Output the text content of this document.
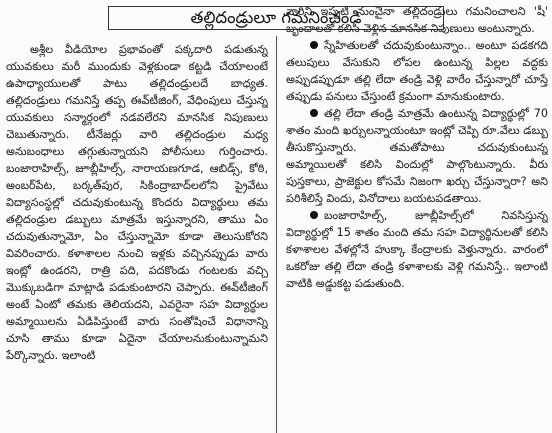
తల్లిదండ్రులూ గమనించండి

అశ్లీల వీడియోల ప్రభావంతో పక్కదారి పడుతున్న యువకులు మరీ ముందుకు వెళ్లకుండా కట్టడి చేయాలంటే ఉపాధ్యాయులతో పాటు తల్లిదండ్రులదే బాధ్యత. తల్లిదండ్రులు గమనిస్తే తప్ప ఈవ్‌టీజింగ్, వేధింపులు చేస్తున్న యువకులు సన్మార్గంలో నడవలేరని మానసిక నిపుణులు చెబుతున్నారు. టీనేజర్లు వారి తల్లిదండ్రుల మధ్య అనుబంధాలు తగ్గుతున్నాయని పోలీసులు గుర్తించారు. బంజారాహిల్స్, జూబ్లీహిల్స్, నారాయణగూడ, ఆబిడ్స్, కోఠి, అంబర్‌పేట, బర్కత్‌పుర, సికింద్రాబాద్‌లలోని ప్రైవేటు విద్యాసంస్థల్లో చదువుకుంటున్న కొందరు విద్యార్థులు తమ తల్లిదండ్రుల డబ్బులు మాత్రమే ఇస్తున్నారని, తాము ఏం చదువుతున్నామో, ఏం చేస్తున్నామో కూడా తెలుసుకోరని వివరించారు. కళాశాలల నుంచి ఇళ్లకు వచ్చినప్పుడు వారు ఇంట్లో ఉండరని, రాత్రి పది, పదకొండు గంటలకు వచ్చి మొక్కుబడిగా మాట్లాడి పడుకుంటారని చెప్పారు. ఈవ్‌టీజింగ్ అంటే ఏంటో తమకు తెలియదని, ఎవరైనా సహ విద్యార్థుల అమ్మాయిలను ఏడిపిస్తుంటే వారు సంతోషించే విధానాన్ని చూసి తాము కూడా ఏదైనా చేయాలనుకుంటున్నామని పేర్కొన్నారు. ఇలాంటి

వారిని ఇప్పటి నుంచైనా తల్లిదండ్రులు గమనించాలని 'షీ' బృందాలతో కలిసి వెళ్లిన మానసిక నిపుణులు అంటున్నారు.

స్నేహితులతో చదువుకుంటున్నాం.. అంటూ పడకగది తలుపులు వేసుకుని లోపల ఉంటున్న పిల్లల వద్దకు అప్పుడప్పుడూ తల్లి లేదా తండ్రి వెళ్లి వారేం చేస్తున్నారో చూస్తే తప్పుడు పనులు చేస్తుంటే క్రమంగా మానుకుంటారు.

తల్లి లేదా తండ్రి మాత్రమే ఉంటున్న విద్యార్థుల్లో 70 శాతం మంది ఖర్చులన్నాయంటూ ఇంట్లో చెప్పి రూ.వేలు డబ్బు తీసుకొస్తున్నారు. తమతోపాటు చదువుకుంటున్న అమ్మాయిలతో కలిసి విందుల్లో పాల్గొంటున్నారు. వీరు పుస్తకాలు, ప్రాజెక్టుల కోసమే నిజంగా ఖర్చు చేస్తున్నారా? అని పరిశీలిస్తే విందు, వినోదాలు బయటపడతాయి.

బంజారాహిల్స్, జూబ్లీహిల్స్‌లో నివసిస్తున్న విద్యార్థుల్లో 15 శాతం మంది తమ సహ విద్యార్థినులతో కలిసి కళాశాలల వేళల్లోనే హుక్కా కేంద్రాలకు వెళ్తున్నారు. వారంలో ఒకరోజు తల్లి లేదా తండ్రి కళాశాలకు వెళ్లి గమనిస్తే.. ఇలాంటి వాటికి అడ్డుకట్ట పడుతుంది.
